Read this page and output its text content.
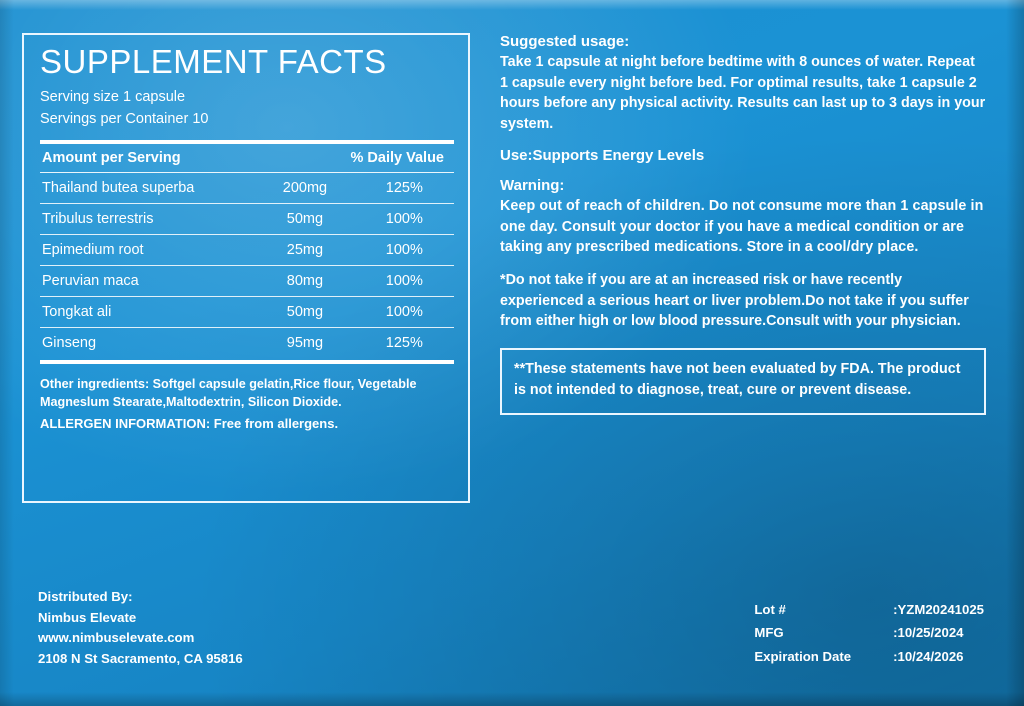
SUPPLEMENT FACTS
Serving size 1 capsule
Servings per Container 10
Amount per Serving	% Daily Value
Thailand butea superba	200mg	125%
Tribulus terrestris	50mg	100%
Epimedium root	25mg	100%
Peruvian maca	80mg	100%
Tongkat ali	50mg	100%
Ginseng	95mg	125%
Other ingredients: Softgel capsule gelatin,Rice flour, Vegetable Magneslum Stearate,Maltodextrin, Silicon Dioxide.
ALLERGEN INFORMATION: Free from allergens.
Suggested usage:
Take 1 capsule at night before bedtime with 8 ounces of water. Repeat 1 capsule every night before bed. For optimal results, take 1 capsule 2 hours before any physical activity. Results can last up to 3 days in your system.
Use:Supports Energy Levels
Warning:
Keep out of reach of children. Do not consume more than 1 capsule in one day. Consult your doctor if you have a medical condition or are taking any prescribed medications. Store in a cool/dry place.
*Do not take if you are at an increased risk or have recently experienced a serious heart or liver problem.Do not take if you suffer from either high or low blood pressure.Consult with your physician.
**These statements have not been evaluated by FDA. The product is not intended to diagnose, treat, cure or prevent disease.
Distributed By:
Nimbus Elevate
www.nimbuselevate.com
2108 N St Sacramento, CA 95816
Lot #	:YZM20241025
MFG	:10/25/2024
Expiration Date	:10/24/2026
